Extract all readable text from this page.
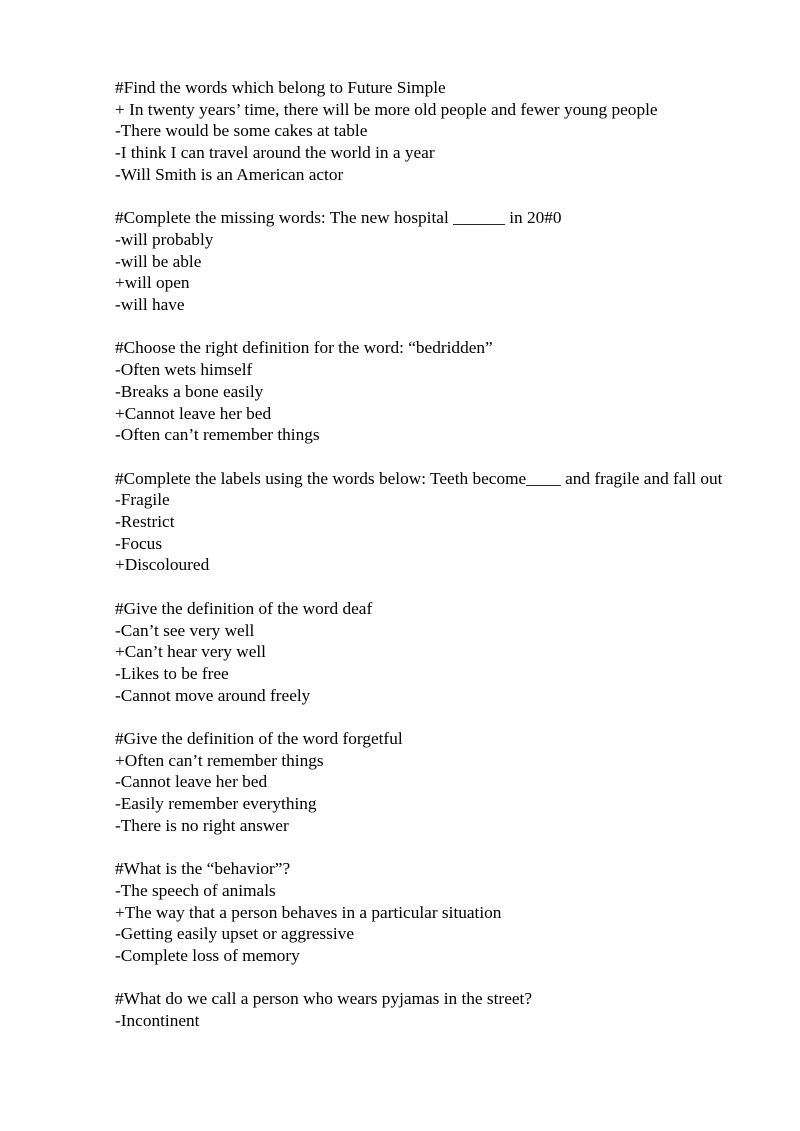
#Find the words which belong to Future Simple
+ In twenty years’ time, there will be more old people and fewer young people
-There would be some cakes at table
-I think I can travel around the world in a year
-Will Smith is an American actor
#Complete the missing words: The new hospital ______ in 20#0
-will probably
-will be able
+will open
-will have
#Choose the right definition for the word: “bedridden”
-Often wets himself
-Breaks a bone easily
+Cannot leave her bed
-Often can’t remember things
#Complete the labels using the words below: Teeth become____ and fragile and fall out
-Fragile
-Restrict
-Focus
+Discoloured
#Give the definition of the word deaf
-Can’t see very well
+Can’t hear very well
-Likes to be free
-Cannot move around freely
#Give the definition of the word forgetful
+Often can’t remember things
-Cannot leave her bed
-Easily remember everything
-There is no right answer
#What is the “behavior”?
-The speech of animals
+The way that a person behaves in a particular situation
-Getting easily upset or aggressive
-Complete loss of memory
#What do we call a person who wears pyjamas in the street?
-Incontinent
